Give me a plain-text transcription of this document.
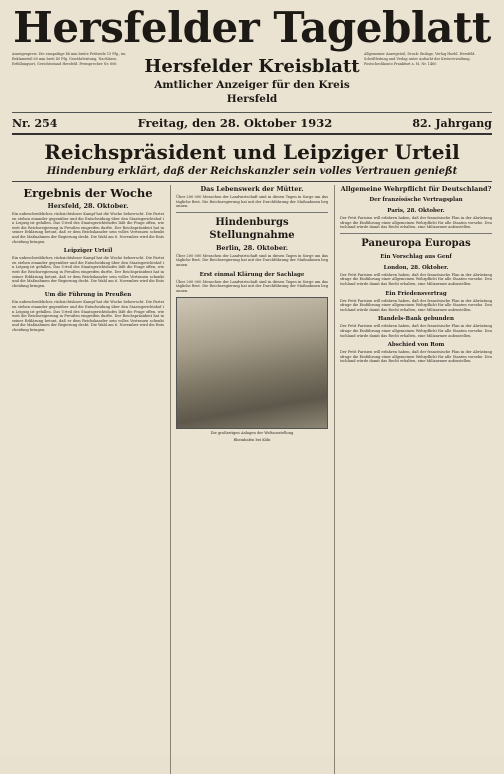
Hersfelder Tageblatt
Anzeigenpreis: Die einspaltige 46 mm breite Petitzeile 15 Pfg., im Reklameteil 60 mm breit 40 Pfg. Gewährleistung, Nachlässe, Erfüllungsort, Gerichtsstand Hersfeld. Fernsprecher Nr. 606	Hersfelder Kreisblatt
Amtlicher Anzeiger für den Kreis Hersfeld
Allgemeiner Anzeigeteil, Druck: Beilage, Verlag Hoehl. Hersfeld. Schriftleitung und Verlag unter Aufsicht der Kreisverwaltung. Postscheckkonto Frankfurt a. M. Nr. 1460
Nr. 254	Freitag, den 28. Oktober 1932	82. Jahrgang
Reichspräsident und Leipziger Urteil
Hindenburg erklärt, daß der Reichskanzler sein volles Vertrauen genießt
Ergebnis der Woche
Hersfeld, 28. Oktober.
Ein unbeschreiblicher, rücksichtsloser Kampf hat die Woche beherrscht. Die Parteien stehen einander gegenüber und die Entscheidung über den Staatsgerichtshof in Leipzig ist gefallen. Das Urteil des Staatsgerichtshofes läßt die Frage offen, wie weit die Reichsregierung in Preußen eingreifen durfte. Der Reichspräsident hat in seiner Erklärung betont, daß er dem Reichskanzler sein volles Vertrauen schenkt und die Maßnahmen der Regierung deckt. Die Wahl am 6. November wird die Entscheidung bringen.
Leipziger Urteil
Ein unbeschreiblicher, rücksichtsloser Kampf hat die Woche beherrscht. Die Parteien stehen einander gegenüber und die Entscheidung über den Staatsgerichtshof in Leipzig ist gefallen. Das Urteil des Staatsgerichtshofes läßt die Frage offen, wie weit die Reichsregierung in Preußen eingreifen durfte. Der Reichspräsident hat in seiner Erklärung betont, daß er dem Reichskanzler sein volles Vertrauen schenkt und die Maßnahmen der Regierung deckt. Die Wahl am 6. November wird die Entscheidung bringen.
Um die Führung in Preußen
Ein unbeschreiblicher, rücksichtsloser Kampf hat die Woche beherrscht. Die Parteien stehen einander gegenüber und die Entscheidung über den Staatsgerichtshof in Leipzig ist gefallen. Das Urteil des Staatsgerichtshofes läßt die Frage offen, wie weit die Reichsregierung in Preußen eingreifen durfte. Der Reichspräsident hat in seiner Erklärung betont, daß er dem Reichskanzler sein volles Vertrauen schenkt und die Maßnahmen der Regierung deckt. Die Wahl am 6. November wird die Entscheidung bringen.
Das Lebenswerk der Mütter.
Über 200 000 Menschen der Landwirtschaft sind in diesen Tagen in Sorge um das tägliche Brot. Die Reichsregierung hat mit der Durchführung der Maßnahmen begonnen.
Hindenburgs Stellungnahme
Berlin, 28. Oktober.
Über 200 000 Menschen der Landwirtschaft sind in diesen Tagen in Sorge um das tägliche Brot. Die Reichsregierung hat mit der Durchführung der Maßnahmen begonnen.
Erst einmal Klärung der Sachlage
Über 200 000 Menschen der Landwirtschaft sind in diesen Tagen in Sorge um das tägliche Brot. Die Reichsregierung hat mit der Durchführung der Maßnahmen begonnen.
Die großartigen Anlagen der Weltausstellung
Rheinhafen bei Köln
Allgemeine Wehrpflicht für Deutschland?
Der französische Vertragsplan
Paris, 28. Oktober.
Der Petit Parisien will erfahren haben, daß der französische Plan in der Abrüstungsfrage die Einführung einer allgemeinen Wehrpflicht für alle Staaten vorsehe. Deutschland würde damit das Recht erhalten, eine Milizarmee aufzustellen.
Paneuropa Europas
Ein Vorschlag aus Genf
London, 28. Oktober.
Der Petit Parisien will erfahren haben, daß der französische Plan in der Abrüstungsfrage die Einführung einer allgemeinen Wehrpflicht für alle Staaten vorsehe. Deutschland würde damit das Recht erhalten, eine Milizarmee aufzustellen.
Ein Friedensvertrag
Der Petit Parisien will erfahren haben, daß der französische Plan in der Abrüstungsfrage die Einführung einer allgemeinen Wehrpflicht für alle Staaten vorsehe. Deutschland würde damit das Recht erhalten, eine Milizarmee aufzustellen.
Handels-Bank gebunden
Der Petit Parisien will erfahren haben, daß der französische Plan in der Abrüstungsfrage die Einführung einer allgemeinen Wehrpflicht für alle Staaten vorsehe. Deutschland würde damit das Recht erhalten, eine Milizarmee aufzustellen.
Abschied von Rom
Der Petit Parisien will erfahren haben, daß der französische Plan in der Abrüstungsfrage die Einführung einer allgemeinen Wehrpflicht für alle Staaten vorsehe. Deutschland würde damit das Recht erhalten, eine Milizarmee aufzustellen.
